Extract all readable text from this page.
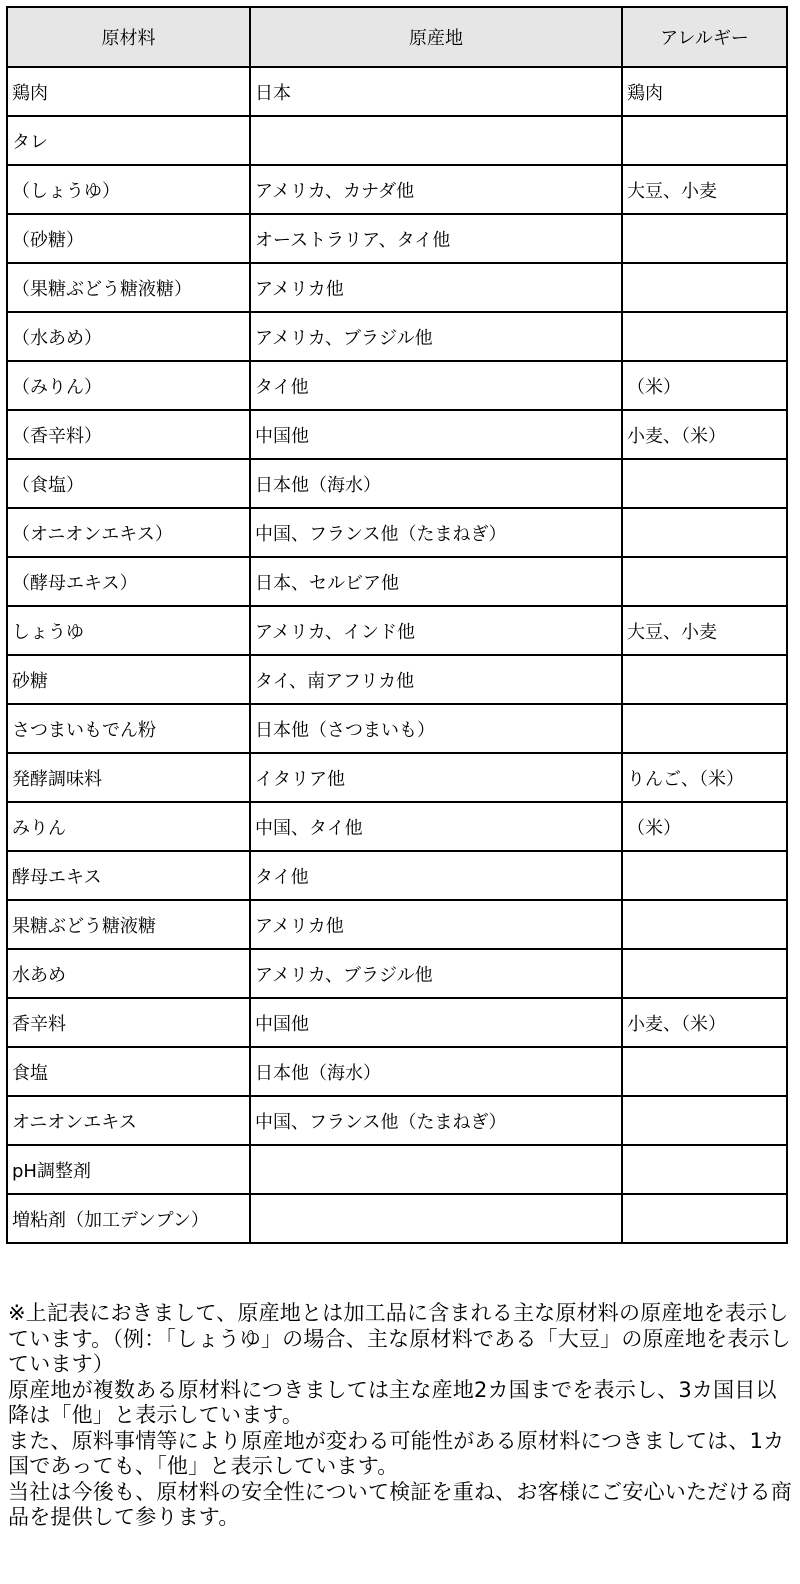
原材料	原産地	アレルギー
鶏肉	日本	鶏肉
タレ		
（しょうゆ）	アメリカ、カナダ他	大豆、小麦
（砂糖）	オーストラリア、タイ他	
（果糖ぶどう糖液糖）	アメリカ他	
（水あめ）	アメリカ、ブラジル他	
（みりん）	タイ他	（米）
（香辛料）	中国他	小麦、（米）
（食塩）	日本他（海水）	
（オニオンエキス）	中国、フランス他（たまねぎ）	
（酵母エキス）	日本、セルビア他	
しょうゆ	アメリカ、インド他	大豆、小麦
砂糖	タイ、南アフリカ他	
さつまいもでん粉	日本他（さつまいも）	
発酵調味料	イタリア他	りんご、（米）
みりん	中国、タイ他	（米）
酵母エキス	タイ他	
果糖ぶどう糖液糖	アメリカ他	
水あめ	アメリカ、ブラジル他	
香辛料	中国他	小麦、（米）
食塩	日本他（海水）	
オニオンエキス	中国、フランス他（たまねぎ）	
pH調整剤		
増粘剤（加工デンプン）		

※上記表におきまして、原産地とは加工品に含まれる主な原材料の原産地を表示しています。（例：「しょうゆ」の場合、主な原材料である「大豆」の原産地を表示しています）

原産地が複数ある原材料につきましては主な産地2カ国までを表示し、3カ国目以降は「他」と表示しています。

また、原料事情等により原産地が変わる可能性がある原材料につきましては、1カ国であっても、「他」と表示しています。

当社は今後も、原材料の安全性について検証を重ね、お客様にご安心いただける商品を提供して参ります。
